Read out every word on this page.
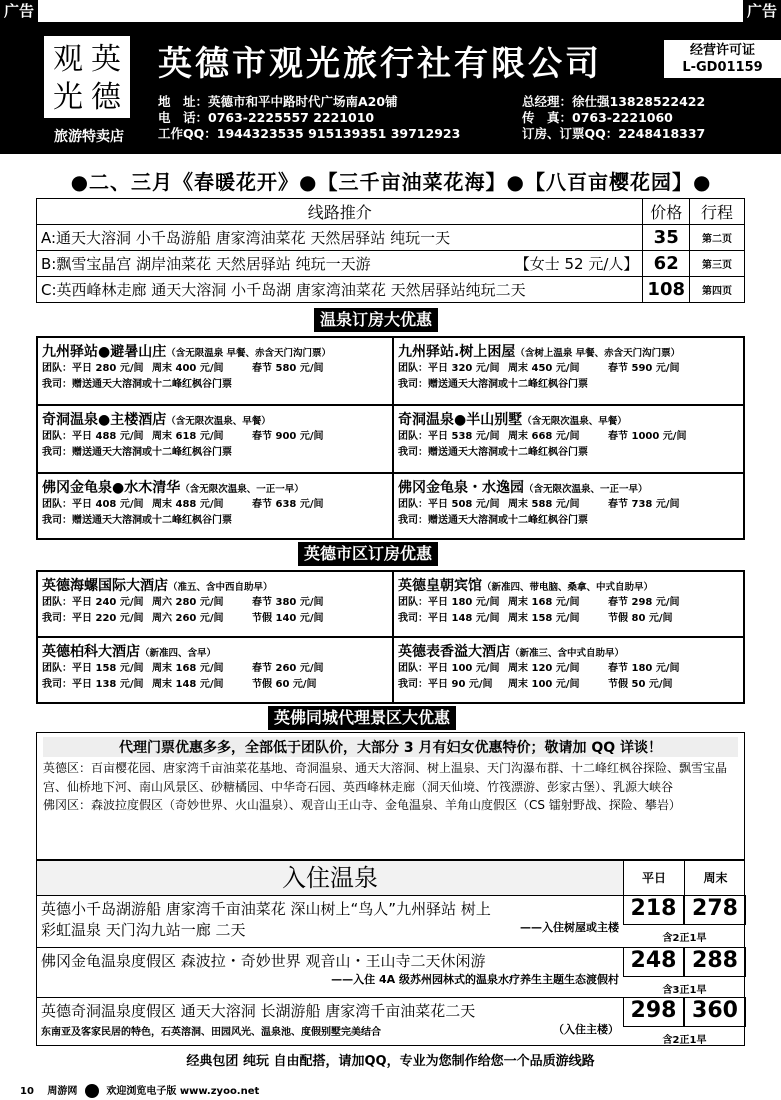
广告	广告
观 英
光 德
旅游特卖店
英德市观光旅行社有限公司	经营许可证
L-GD01159
地　址：英德市和平中路时代广场南A20铺
电　话：0763-2225557 2221010
工作QQ：1944323535 915139351 39712923
总经理：徐仕强13828522422
传　真：0763-2221060
订房、订票QQ：2248418337
●二、三月《春暖花开》●【三千亩油菜花海】●【八百亩樱花园】●
线路推介	价格	行程
A:通天大溶洞 小千岛游船 唐家湾油菜花 天然居驿站 纯玩一天	35	第二页
B:飘雪宝晶宫 湖岸油菜花 天然居驿站 纯玩一天游 【女士 52 元/人】	62	第三页
C:英西峰林走廊 通天大溶洞 小千岛湖 唐家湾油菜花 天然居驿站纯玩二天	108	第四页
温泉订房大优惠
九州驿站●避暑山庄（含无限温泉 早餐、赤含天门沟门票）
团队：平日 280 元/间 周末 400 元/间	春节 580 元/间
我司：赠送通天大溶洞或十二峰红枫谷门票
九州驿站.树上困屋（含树上温泉 早餐、赤含天门沟门票）
团队：平日 320 元/间 周末 450 元/间	春节 590 元/间
我司：赠送通天大溶洞或十二峰红枫谷门票
奇洞温泉●主楼酒店（含无限次温泉、早餐）
团队：平日 488 元/间 周末 618 元/间	春节 900 元/间
我司：赠送通天大溶洞或十二峰红枫谷门票
奇洞温泉●半山别墅（含无限次温泉、早餐）
团队：平日 538 元/间 周末 668 元/间	春节 1000 元/间
我司：赠送通天大溶洞或十二峰红枫谷门票
佛冈金龟泉●水木清华（含无限次温泉、一正一早）
团队：平日 408 元/间 周末 488 元/间	春节 638 元/间
我司：赠送通天大溶洞或十二峰红枫谷门票
佛冈金龟泉・水逸园（含无限次温泉、一正一早）
团队：平日 508 元/间 周末 588 元/间	春节 738 元/间
我司：赠送通天大溶洞或十二峰红枫谷门票
英德市区订房优惠
英德海螺国际大酒店（准五、含中西自助早）
团队：平日 240 元/间 周六 280 元/间	春节 380 元/间
我司：平日 220 元/间 周六 260 元/间	节假 140 元/间
英德皇朝宾馆（新准四、带电脑、桑拿、中式自助早）
团队：平日 180 元/间 周末 168 元/间	春节 298 元/间
我司：平日 148 元/间 周末 158 元/间	节假 80 元/间
英德柏科大酒店（新准四、含早）
团队：平日 158 元/间 周末 168 元/间	春节 260 元/间
我司：平日 138 元/间 周末 148 元/间	节假 60 元/间
英德表香溢大酒店（新准三、含中式自助早）
团队：平日 100 元/间 周末 120 元/间	春节 180 元/间
我司：平日 90 元/间 周末 100 元/间	节假 50 元/间
英佛同城代理景区大优惠
代理门票优惠多多，全部低于团队价，大部分 3 月有妇女优惠特价；敬请加 QQ 详谈！

英德区：百亩樱花园、唐家湾千亩油菜花基地、奇洞温泉、通天大溶洞、树上温泉、天门沟瀑布群、十二峰红枫谷探险、飘雪宝晶宫、仙桥地下河、南山风景区、砂糖橘园、中华奇石园、英西峰林走廊（洞天仙境、竹筏漂游、彭家古堡）、乳源大峡谷

佛冈区：森波拉度假区（奇妙世界、火山温泉）、观音山王山寺、金龟温泉、羊角山度假区（CS 镭射野战、探险、攀岩）

入住温泉	平日	周末
英德小千岛湖游船 唐家湾千亩油菜花 深山树上“鸟人”九州驿站 树上
彩虹温泉 天门沟九站一廊 二天	——入住树屋或主楼
218 278
含2正1早
佛冈金龟温泉度假区 森波拉・奇妙世界 观音山・王山寺二天休闲游
——入住 4A 级苏州园林式的温泉水疗养生主题生态渡假村
248 288
含3正1早
英德奇洞温泉度假区 通天大溶洞 长湖游船 唐家湾千亩油菜花二天
东南亚及客家民居的特色，石英溶洞、田园风光、温泉池、度假别墅完美结合	（入住主楼）
298 360
含2正1早
经典包团 纯玩 自由配搭，请加QQ，专业为您制作给您一个品质游线路
10 周游网	欢迎浏览电子版 www.zyoo.net
